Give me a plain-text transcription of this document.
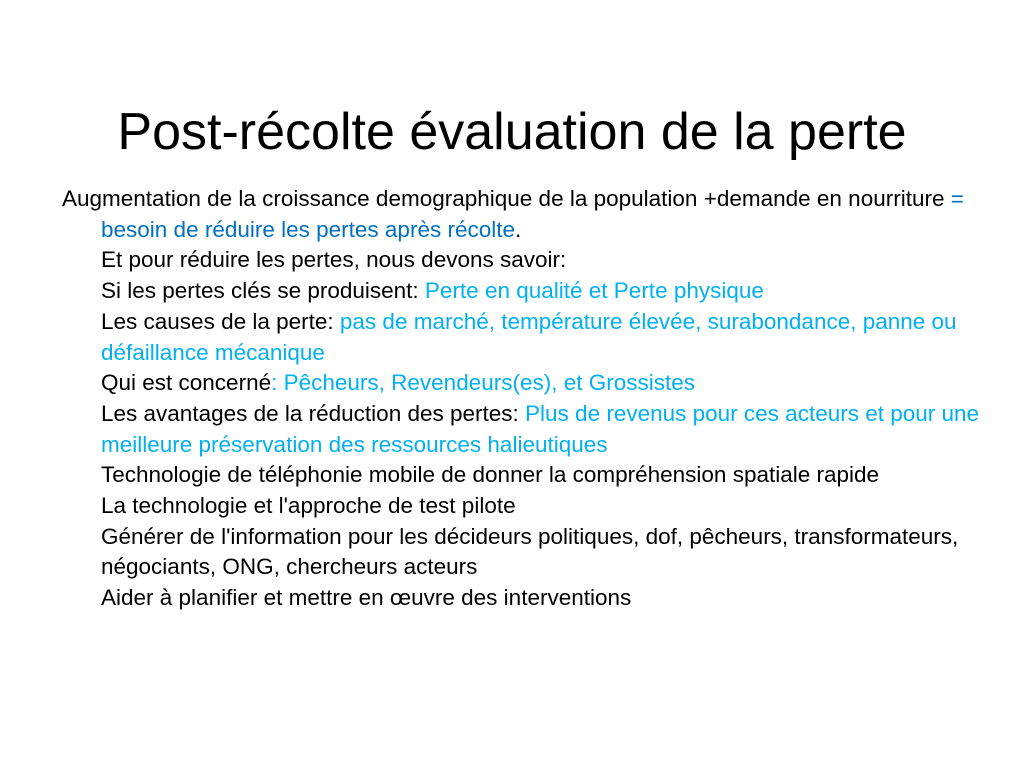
Post-récolte évaluation de la perte

Augmentation de la croissance demographique de la population +demande en nourriture = besoin de réduire les pertes après récolte.

Et pour réduire les pertes, nous devons savoir:

Si les pertes clés se produisent: Perte en qualité et Perte physique

Les causes de la perte: pas de marché, température élevée, surabondance, panne ou défaillance mécanique

Qui est concerné: Pêcheurs, Revendeurs(es), et Grossistes

Les avantages de la réduction des pertes: Plus de revenus pour ces acteurs et pour une meilleure préservation des ressources halieutiques

Technologie de téléphonie mobile de donner la compréhension spatiale rapide

La technologie et l'approche de test pilote

Générer de l'information pour les décideurs politiques, dof, pêcheurs, transformateurs, négociants, ONG, chercheurs acteurs

Aider à planifier et mettre en œuvre des interventions
